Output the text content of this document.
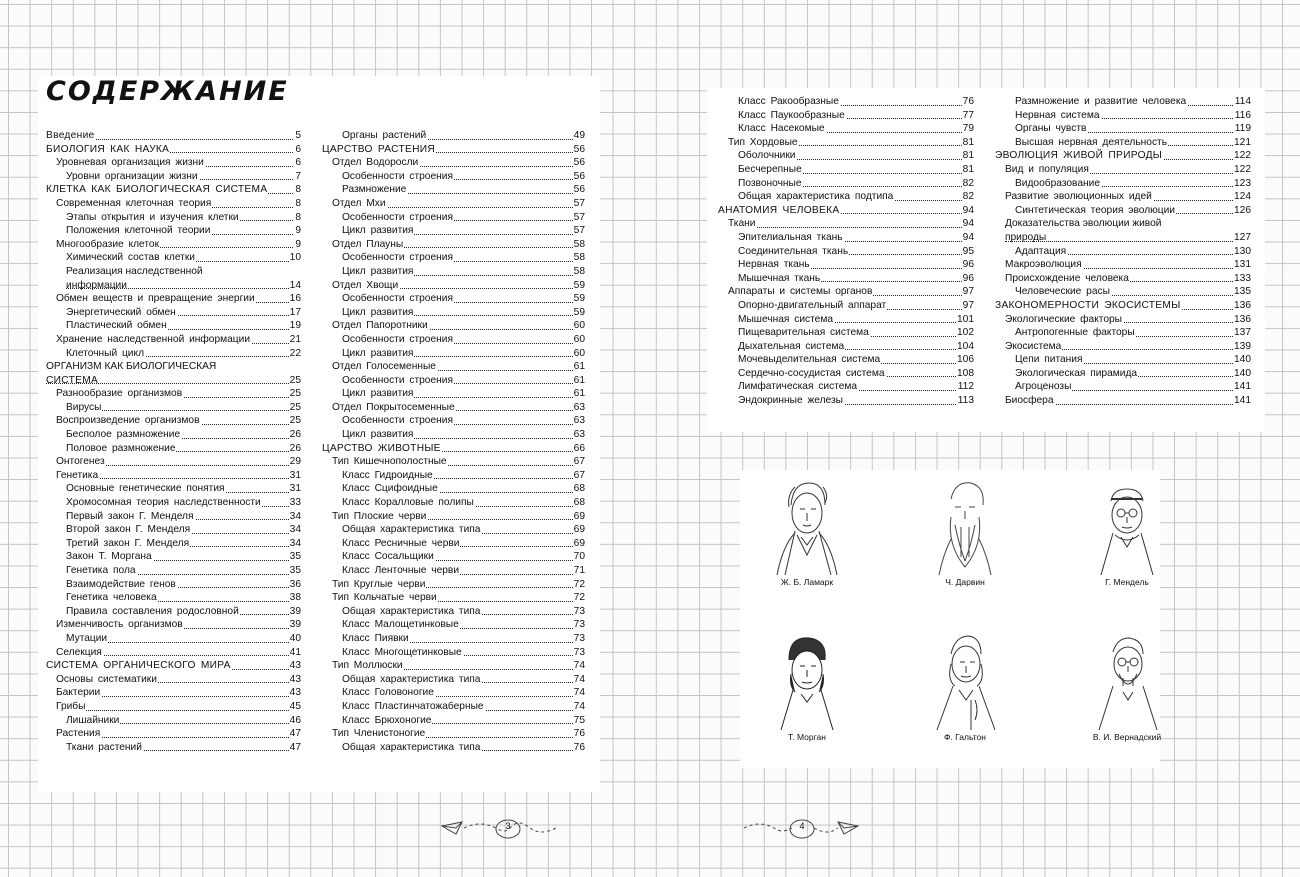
СОДЕРЖАНИЕ
Введение	5
БИОЛОГИЯ КАК НАУКА	6
Уровневая организация жизни	6
Уровни организации жизни	7
КЛЕТКА КАК БИОЛОГИЧЕСКАЯ СИСТЕМА	8
Современная клеточная теория	8
Этапы открытия и изучения клетки	8
Положения клеточной теории	9
Многообразие клеток	9
Химический состав клетки	10
Реализация наследственной
информации	14
Обмен веществ и превращение энергии	16
Энергетический обмен	17
Пластический обмен	19
Хранение наследственной информации	21
Клеточный цикл	22
ОРГАНИЗМ КАК БИОЛОГИЧЕСКАЯ
СИСТЕМА	25
Разнообразие организмов	25
Вирусы	25
Воспроизведение организмов	25
Бесполое размножение	26
Половое размножение	26
Онтогенез	29
Генетика	31
Основные генетические понятия	31
Хромосомная теория наследственности	33
Первый закон Г. Менделя	34
Второй закон Г. Менделя	34
Третий закон Г. Менделя	34
Закон Т. Моргана	35
Генетика пола	35
Взаимодействие генов	36
Генетика человека	38
Правила составления родословной	39
Изменчивость организмов	39
Мутации	40
Селекция	41
СИСТЕМА ОРГАНИЧЕСКОГО МИРА	43
Основы систематики	43
Бактерии	43
Грибы	45
Лишайники	46
Растения	47
Ткани растений	47
Органы растений	49
ЦАРСТВО РАСТЕНИЯ	56
Отдел Водоросли	56
Особенности строения	56
Размножение	56
Отдел Мхи	57
Особенности строения	57
Цикл развития	57
Отдел Плауны	58
Особенности строения	58
Цикл развития	58
Отдел Хвощи	59
Особенности строения	59
Цикл развития	59
Отдел Папоротники	60
Особенности строения	60
Цикл развития	60
Отдел Голосеменные	61
Особенности строения	61
Цикл развития	61
Отдел Покрытосеменные	63
Особенности строения	63
Цикл развития	63
ЦАРСТВО ЖИВОТНЫЕ	66
Тип Кишечнополостные	67
Класс Гидроидные	67
Класс Сцифоидные	68
Класс Коралловые полипы	68
Тип Плоские черви	69
Общая характеристика типа	69
Класс Ресничные черви	69
Класс Сосальщики	70
Класс Ленточные черви	71
Тип Круглые черви	72
Тип Кольчатые черви	72
Общая характеристика типа	73
Класс Малощетинковые	73
Класс Пиявки	73
Класс Многощетинковые	73
Тип Моллюски	74
Общая характеристика типа	74
Класс Головоногие	74
Класс Пластинчатожаберные	74
Класс Брюхоногие	75
Тип Членистоногие	76
Общая характеристика типа	76
Класс Ракообразные	76
Класс Паукообразные	77
Класс Насекомые	79
Тип Хордовые	81
Оболочники	81
Бесчерепные	81
Позвоночные	82
Общая характеристика подтипа	82
АНАТОМИЯ ЧЕЛОВЕКА	94
Ткани	94
Эпителиальная ткань	94
Соединительная ткань	95
Нервная ткань	96
Мышечная ткань	96
Аппараты и системы органов	97
Опорно-двигательный аппарат	97
Мышечная система	101
Пищеварительная система	102
Дыхательная система	104
Мочевыделительная система	106
Сердечно-сосудистая система	108
Лимфатическая система	112
Эндокринные железы	113
Размножение и развитие человека	114
Нервная система	116
Органы чувств	119
Высшая нервная деятельность	121
ЭВОЛЮЦИЯ ЖИВОЙ ПРИРОДЫ	122
Вид и популяция	122
Видообразование	123
Развитие эволюционных идей	124
Синтетическая теория эволюции	126
Доказательства эволюции живой
природы	127
Адаптация	130
Макроэволюция	131
Происхождение человека	133
Человеческие расы	135
ЗАКОНОМЕРНОСТИ ЭКОСИСТЕМЫ	136
Экологические факторы	136
Антропогенные факторы	137
Экосистема	139
Цепи питания	140
Экологическая пирамида	140
Агроценозы	141
Биосфера	141
Ж. Б. Ламарк	Ч. Дарвин	Г. Мендель
Т. Морган	Ф. Гальтон	В. И. Вернадский
3	4
